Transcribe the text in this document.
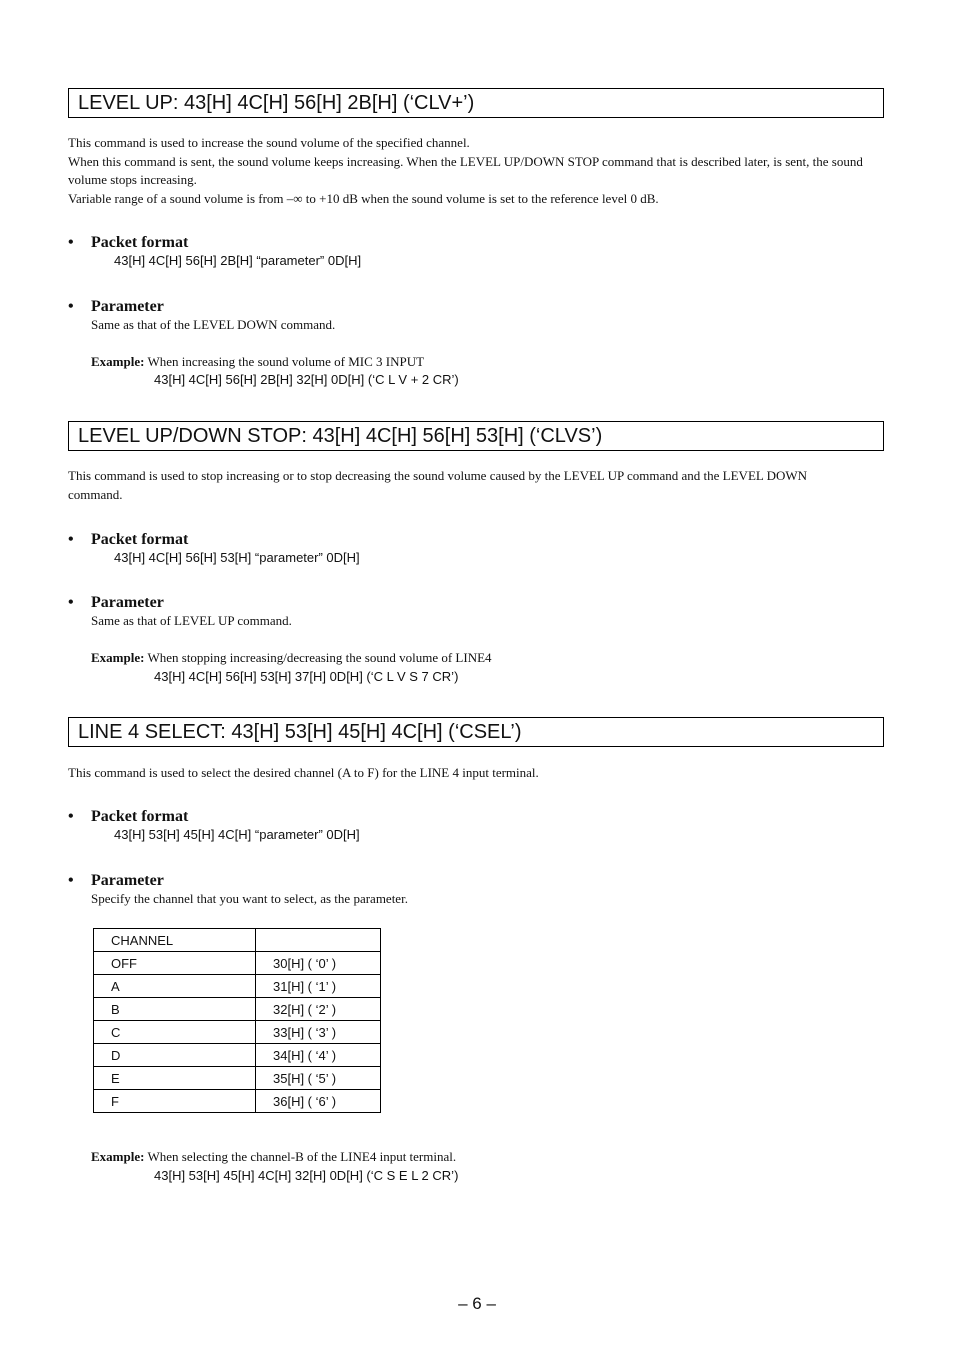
LEVEL UP: 43[H] 4C[H] 56[H] 2B[H] (‘CLV+’)
This command is used to increase the sound volume of the specified channel.
When this command is sent, the sound volume keeps increasing. When the LEVEL UP/DOWN STOP command that is described later, is sent, the sound volume stops increasing.
Variable range of a sound volume is from –∞ to +10 dB when the sound volume is set to the reference level 0 dB.
• Packet format
43[H] 4C[H] 56[H] 2B[H] “parameter” 0D[H]
• Parameter
Same as that of the LEVEL DOWN command.
Example: When increasing the sound volume of MIC 3 INPUT
43[H] 4C[H] 56[H] 2B[H] 32[H] 0D[H] (‘C L V + 2 CR’)
LEVEL UP/DOWN STOP: 43[H] 4C[H] 56[H] 53[H] (‘CLVS’)
This command is used to stop increasing or to stop decreasing the sound volume caused by the LEVEL UP command and the LEVEL DOWN command.
• Packet format
43[H] 4C[H] 56[H] 53[H] “parameter” 0D[H]
• Parameter
Same as that of LEVEL UP command.
Example: When stopping increasing/decreasing the sound volume of LINE4
43[H] 4C[H] 56[H] 53[H] 37[H] 0D[H] (‘C L V S 7 CR’)
LINE 4 SELECT: 43[H] 53[H] 45[H] 4C[H] (‘CSEL’)
This command is used to select the desired channel (A to F) for the LINE 4 input terminal.
• Packet format
43[H] 53[H] 45[H] 4C[H] “parameter” 0D[H]
• Parameter
Specify the channel that you want to select, as the parameter.
CHANNEL	
OFF	30[H] ( ‘0’ )
A	31[H] ( ‘1’ )
B	32[H] ( ‘2’ )
C	33[H] ( ‘3’ )
D	34[H] ( ‘4’ )
E	35[H] ( ‘5’ )
F	36[H] ( ‘6’ )
Example: When selecting the channel-B of the LINE4 input terminal.
43[H] 53[H] 45[H] 4C[H] 32[H] 0D[H] (‘C S E L 2 CR’)
– 6 –
